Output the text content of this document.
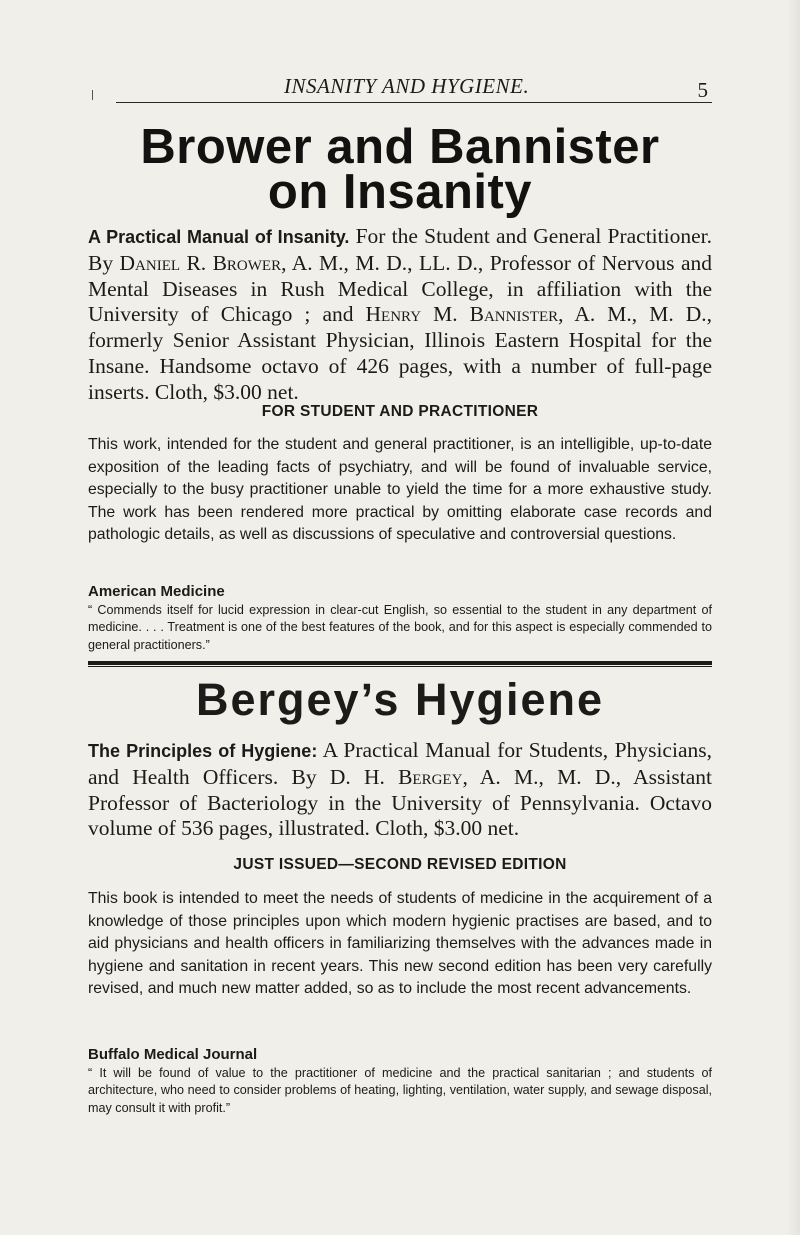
INSANITY AND HYGIENE.	5
Brower and Bannister
on Insanity
A Practical Manual of Insanity. For the Student and General Practitioner. By Daniel R. Brower, A. M., M. D., LL. D., Professor of Nervous and Mental Diseases in Rush Medical College, in affiliation with the University of Chicago ; and Henry M. Bannister, A. M., M. D., formerly Senior Assistant Physician, Illinois Eastern Hospital for the Insane. Handsome octavo of 426 pages, with a number of full-page inserts. Cloth, $3.00 net.
FOR STUDENT AND PRACTITIONER
This work, intended for the student and general practitioner, is an intelligible, up-to-date exposition of the leading facts of psychiatry, and will be found of invaluable service, especially to the busy practitioner unable to yield the time for a more exhaustive study. The work has been rendered more practical by omitting elaborate case records and pathologic details, as well as discussions of speculative and controversial questions.
American Medicine
“ Commends itself for lucid expression in clear-cut English, so essential to the student in any department of medicine. . . . Treatment is one of the best features of the book, and for this aspect is especially commended to general practitioners.”
Bergey’s Hygiene
The Principles of Hygiene: A Practical Manual for Students, Physicians, and Health Officers. By D. H. Bergey, A. M., M. D., Assistant Professor of Bacteriology in the University of Pennsylvania. Octavo volume of 536 pages, illustrated. Cloth, $3.00 net.
JUST ISSUED—SECOND REVISED EDITION
This book is intended to meet the needs of students of medicine in the acquirement of a knowledge of those principles upon which modern hygienic practises are based, and to aid physicians and health officers in familiarizing themselves with the advances made in hygiene and sanitation in recent years. This new second edition has been very carefully revised, and much new matter added, so as to include the most recent advancements.
Buffalo Medical Journal
“ It will be found of value to the practitioner of medicine and the practical sanitarian ; and students of architecture, who need to consider problems of heating, lighting, ventilation, water supply, and sewage disposal, may consult it with profit.”
